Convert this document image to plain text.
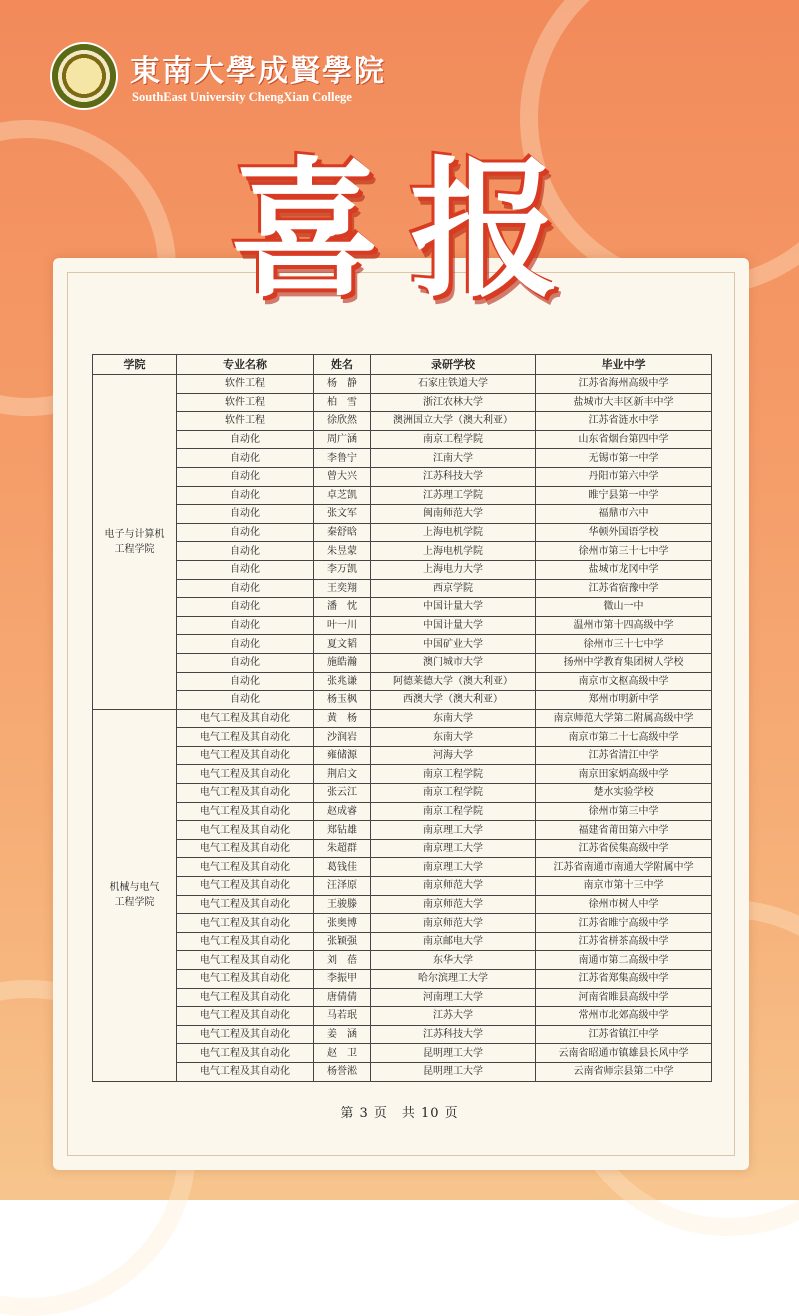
東南大學成賢學院
SouthEast University ChengXian College
喜报
学院	专业名称	姓名	录研学校	毕业中学
电子与计算机
工程学院	软件工程	杨　静	石家庄铁道大学	江苏省海州高级中学
	软件工程	柏　雪	浙江农林大学	盐城市大丰区新丰中学
	软件工程	徐欣然	澳洲国立大学（澳大利亚）	江苏省涟水中学
	自动化	周广涵	南京工程学院	山东省烟台第四中学
	自动化	李鲁宁	江南大学	无锡市第一中学
	自动化	曾大兴	江苏科技大学	丹阳市第六中学
	自动化	卓芝凯	江苏理工学院	睢宁县第一中学
	自动化	张文军	闽南师范大学	福鼎市六中
	自动化	秦舒晗	上海电机学院	华顿外国语学校
	自动化	朱昱蒙	上海电机学院	徐州市第三十七中学
	自动化	李万凯	上海电力大学	盐城市龙冈中学
	自动化	王奕翔	西京学院	江苏省宿豫中学
	自动化	潘　忱	中国计量大学	微山一中
	自动化	叶一川	中国计量大学	温州市第十四高级中学
	自动化	夏文韬	中国矿业大学	徐州市三十七中学
	自动化	施皓瀚	澳门城市大学	扬州中学教育集团树人学校
	自动化	张兆谦	阿德莱德大学（澳大利亚）	南京市文枢高级中学
	自动化	杨玉枫	西澳大学（澳大利亚）	郑州市明新中学
机械与电气
工程学院	电气工程及其自动化	黄　杨	东南大学	南京师范大学第二附属高级中学
	电气工程及其自动化	沙润岩	东南大学	南京市第二十七高级中学
	电气工程及其自动化	雍储源	河海大学	江苏省清江中学
	电气工程及其自动化	荆启文	南京工程学院	南京田家炳高级中学
	电气工程及其自动化	张云江	南京工程学院	楚水实验学校
	电气工程及其自动化	赵成睿	南京工程学院	徐州市第三中学
	电气工程及其自动化	郑钻雄	南京理工大学	福建省莆田第六中学
	电气工程及其自动化	朱超群	南京理工大学	江苏省侯集高级中学
	电气工程及其自动化	葛钱佳	南京理工大学	江苏省南通市南通大学附属中学
	电气工程及其自动化	汪泽原	南京师范大学	南京市第十三中学
	电气工程及其自动化	王骏滕	南京师范大学	徐州市树人中学
	电气工程及其自动化	张奥博	南京师范大学	江苏省睢宁高级中学
	电气工程及其自动化	张颖强	南京邮电大学	江苏省栟茶高级中学
	电气工程及其自动化	刘　蓓	东华大学	南通市第二高级中学
	电气工程及其自动化	李振甲	哈尔滨理工大学	江苏省郑集高级中学
	电气工程及其自动化	唐倩倩	河南理工大学	河南省睢县高级中学
	电气工程及其自动化	马若珉	江苏大学	常州市北郊高级中学
	电气工程及其自动化	姜　涵	江苏科技大学	江苏省镇江中学
	电气工程及其自动化	赵　卫	昆明理工大学	云南省昭通市镇雄县长风中学
	电气工程及其自动化	杨誉淞	昆明理工大学	云南省师宗县第二中学
第 3 页　共 10 页
